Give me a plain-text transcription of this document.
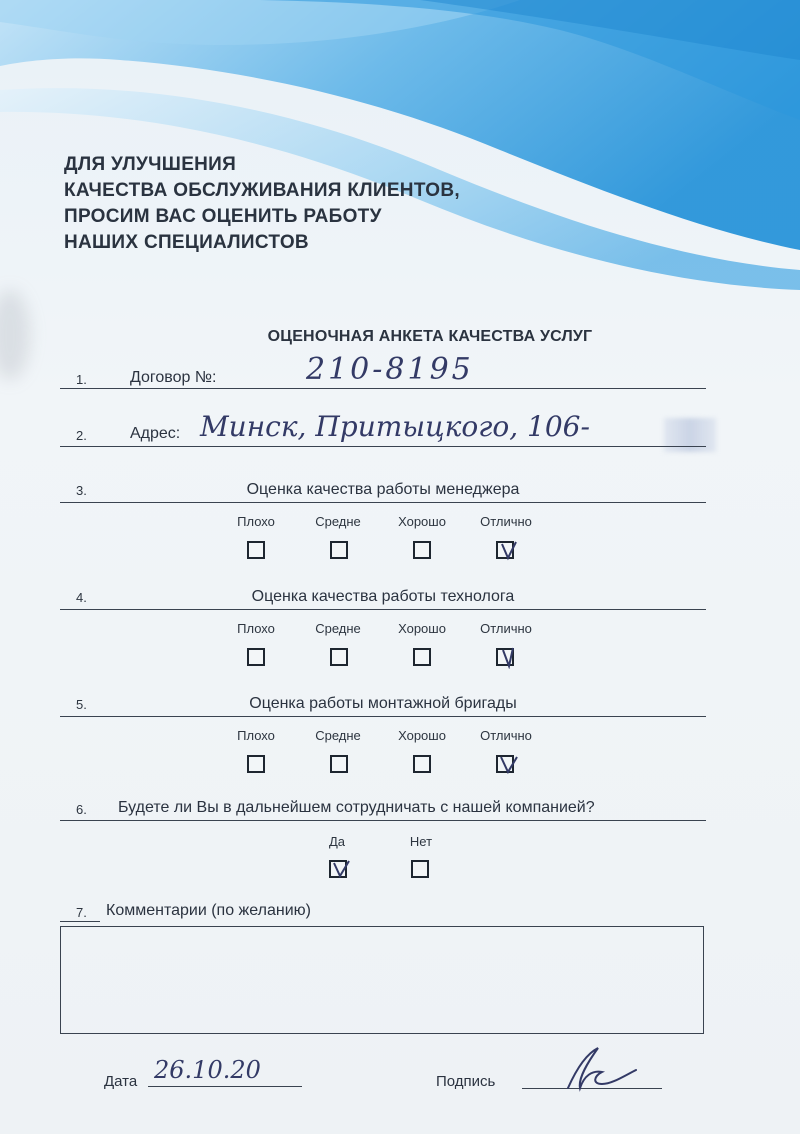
ДЛЯ УЛУЧШЕНИЯ
КАЧЕСТВА ОБСЛУЖИВАНИЯ КЛИЕНТОВ,
ПРОСИМ ВАС ОЦЕНИТЬ РАБОТУ
НАШИХ СПЕЦИАЛИСТОВ
ОЦЕНОЧНАЯ АНКЕТА КАЧЕСТВА УСЛУГ
1.	Договор №:	210-8195
2.	Адрес: Минск, Притыцкого, 106-
3.	Оценка качества работы менеджера
Плохо	Средне	Хорошо	Отлично
4.	Оценка качества работы технолога
Плохо	Средне	Хорошо	Отлично
5.	Оценка работы монтажной бригады
Плохо	Средне	Хорошо	Отлично
6. Будете ли Вы в дальнейшем сотрудничать с нашей компанией?
Да	Нет
7. Комментарии (по желанию)
Дата 26.10.20	Подпись
